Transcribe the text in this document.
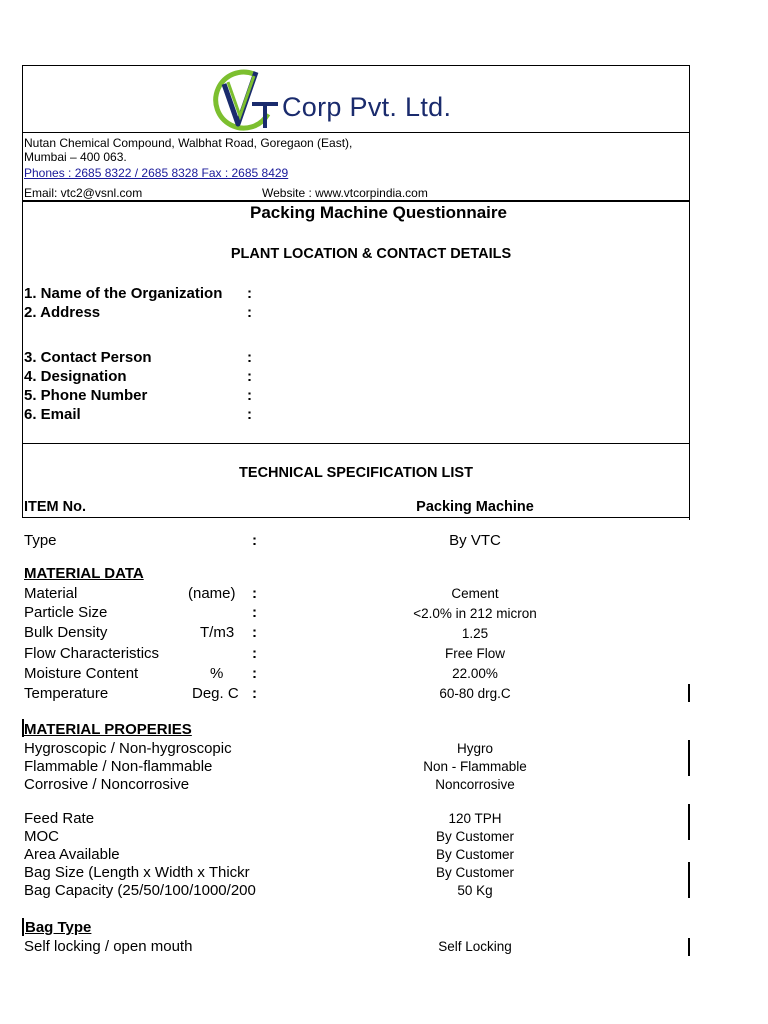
Corp Pvt. Ltd.
Nutan Chemical Compound, Walbhat Road, Goregaon (East),
Mumbai – 400 063.
Phones : 2685 8322 / 2685 8328 Fax : 2685 8429
Email: vtc2@vsnl.com	Website : www.vtcorpindia.com
Packing Machine Questionnaire
PLANT LOCATION & CONTACT DETAILS
1. Name of the Organization :
2. Address	:
3. Contact Person	:
4. Designation	:
5. Phone Number	:
6. Email	:
TECHNICAL SPECIFICATION LIST
ITEM No.	Packing Machine
Type	:	By VTC
MATERIAL DATA
Material	(name) :	Cement
Particle Size	:	<2.0% in 212 micron
Bulk Density	T/m3 :	1.25
Flow Characteristics	:	Free Flow
Moisture Content	% :	22.00%
Temperature	Deg. C :	60-80 drg.C
MATERIAL PROPERIES
Hygroscopic / Non-hygroscopic	Hygro
Flammable / Non-flammable	Non - Flammable
Corrosive / Noncorrosive	Noncorrosive
Feed Rate	120 TPH
MOC	By Customer
Area Available	By Customer
Bag Size (Length x Width x Thickr	By Customer
Bag Capacity (25/50/100/1000/200	50 Kg
Bag Type
Self locking / open mouth	Self Locking
